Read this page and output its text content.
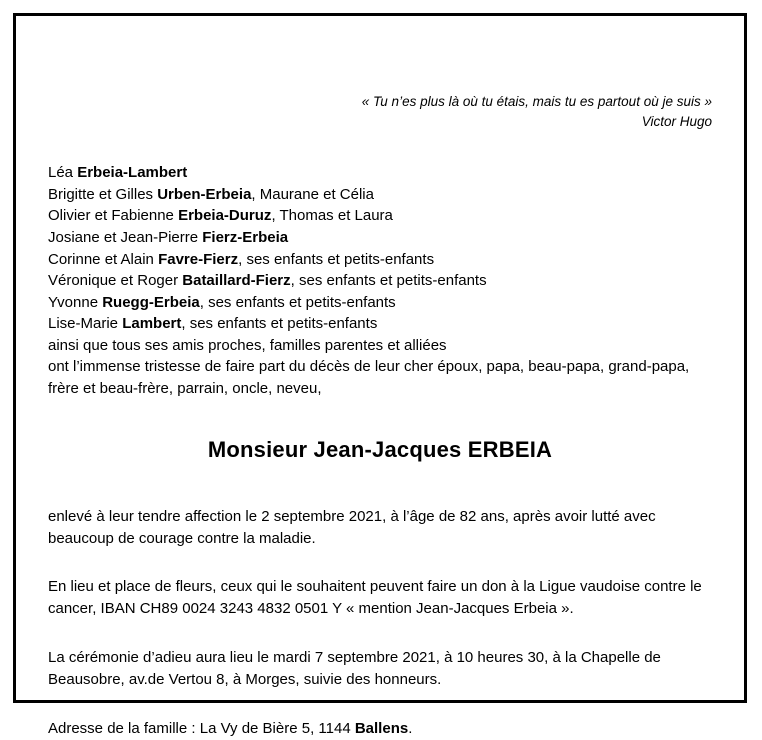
« Tu n’es plus là où tu étais, mais tu es partout où je suis »
Victor Hugo
Léa Erbeia-Lambert
Brigitte et Gilles Urben-Erbeia, Maurane et Célia
Olivier et Fabienne Erbeia-Duruz, Thomas et Laura
Josiane et Jean-Pierre Fierz-Erbeia
Corinne et Alain Favre-Fierz, ses enfants et petits-enfants
Véronique et Roger Bataillard-Fierz, ses enfants et petits-enfants
Yvonne Ruegg-Erbeia, ses enfants et petits-enfants
Lise-Marie Lambert, ses enfants et petits-enfants
ainsi que tous ses amis proches, familles parentes et alliées
ont l’immense tristesse de faire part du décès de leur cher époux, papa, beau-papa, grand-papa,
frère et beau-frère, parrain, oncle, neveu,
Monsieur Jean-Jacques ERBEIA
enlevé à leur tendre affection le 2 septembre 2021, à l’âge de 82 ans, après avoir lutté avec beaucoup de courage contre la maladie.
En lieu et place de fleurs, ceux qui le souhaitent peuvent faire un don à la Ligue vaudoise contre le cancer, IBAN CH89 0024 3243 4832 0501 Y « mention Jean-Jacques Erbeia ».
La cérémonie d’adieu aura lieu le mardi 7 septembre 2021, à 10 heures 30, à la Chapelle de Beausobre, av.de Vertou 8, à Morges, suivie des honneurs.
Adresse de la famille : La Vy de Bière 5, 1144 Ballens.
